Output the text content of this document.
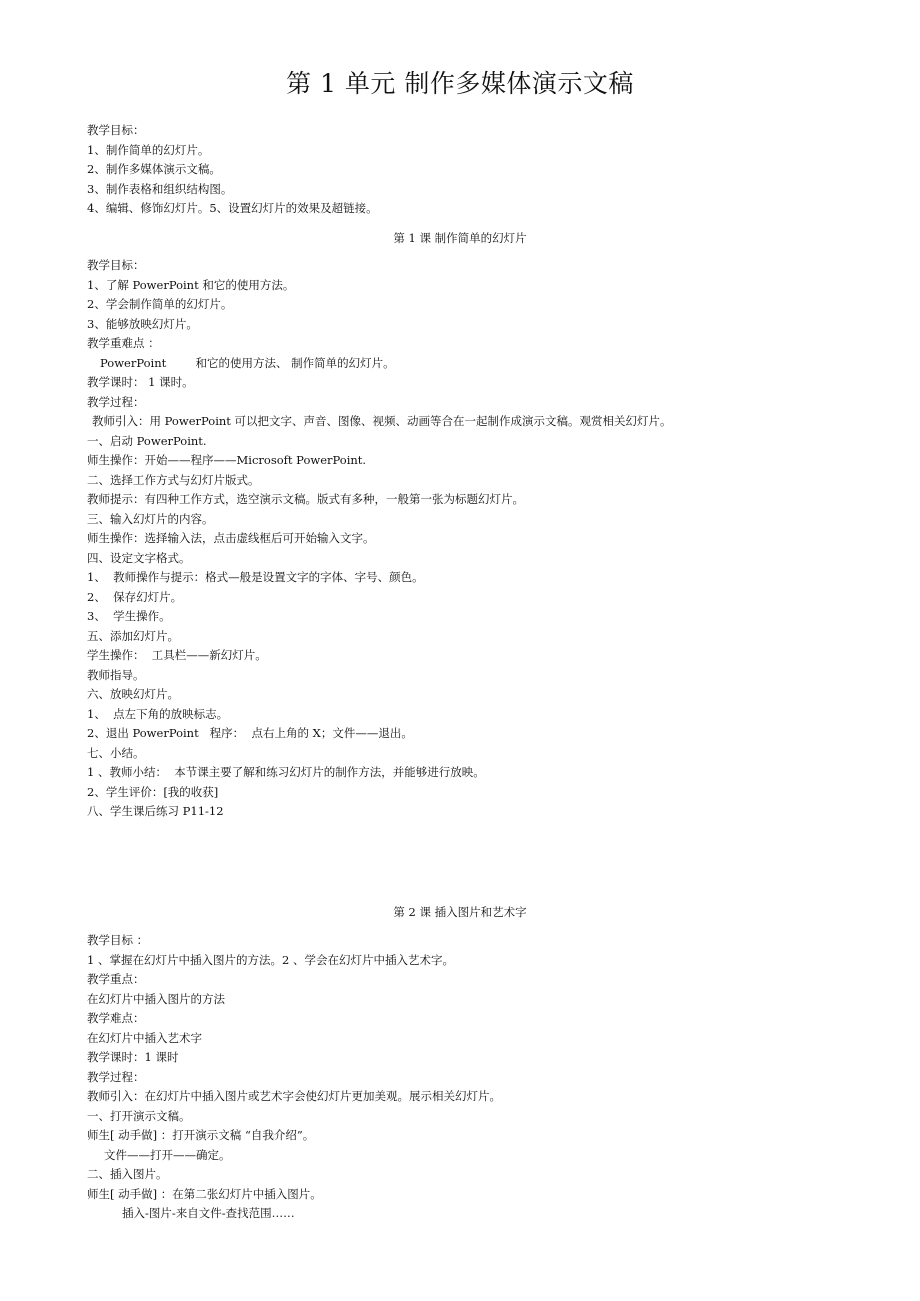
第 1 单元 制作多媒体演示文稿
教学目标：
1、制作简单的幻灯片。
2、制作多媒体演示文稿。
3、制作表格和组织结构图。
4、编辑、修饰幻灯片。5、设置幻灯片的效果及超链接。
第 1 课 制作简单的幻灯片
教学目标：
1、了解 PowerPoint 和它的使用方法。
2、学会制作简单的幻灯片。
3、能够放映幻灯片。
教学重难点 ：
PowerPoint        和它的使用方法、 制作简单的幻灯片。
教学课时： 1 课时。
教学过程：
教师引入：用 PowerPoint 可以把文字、声音、图像、视频、动画等合在一起制作成演示文稿。观赏相关幻灯片。
一、启动 PowerPoint.
师生操作：开始——程序——Microsoft PowerPoint.
二、选择工作方式与幻灯片版式。
教师提示：有四种工作方式，选空演示文稿。版式有多种，一般第一张为标题幻灯片。
三、输入幻灯片的内容。
师生操作：选择输入法，点击虚线框后可开始输入文字。
四、设定文字格式。
1、  教师操作与提示：格式—般是设置文字的字体、字号、颜色。
2、  保存幻灯片。
3、  学生操作。
五、添加幻灯片。
学生操作：  工具栏——新幻灯片。
教师指导。
六、放映幻灯片。
1、  点左下角的放映标志。
2、退出 PowerPoint   程序：  点右上角的 X；文件——退出。
七、小结。
1 、教师小结：  本节课主要了解和练习幻灯片的制作方法，并能够进行放映。
2、学生评价：[我的收获]
八、学生课后练习 P11-12
第 2 课 插入图片和艺术字
教学目标 ：
1 、掌握在幻灯片中插入图片的方法。2 、学会在幻灯片中插入艺术字。
教学重点：
在幻灯片中插入图片的方法
教学难点：
在幻灯片中插入艺术字
教学课时：1 课时
教学过程：
教师引入：在幻灯片中插入图片或艺术字会使幻灯片更加美观。展示相关幻灯片。
一、打开演示文稿。
师生[ 动手做] ：打开演示文稿 “自我介绍”。
文件——打开——确定。
二、插入图片。
师生[ 动手做] ：在第二张幻灯片中插入图片。
插入-图片-来自文件-查找范围……
